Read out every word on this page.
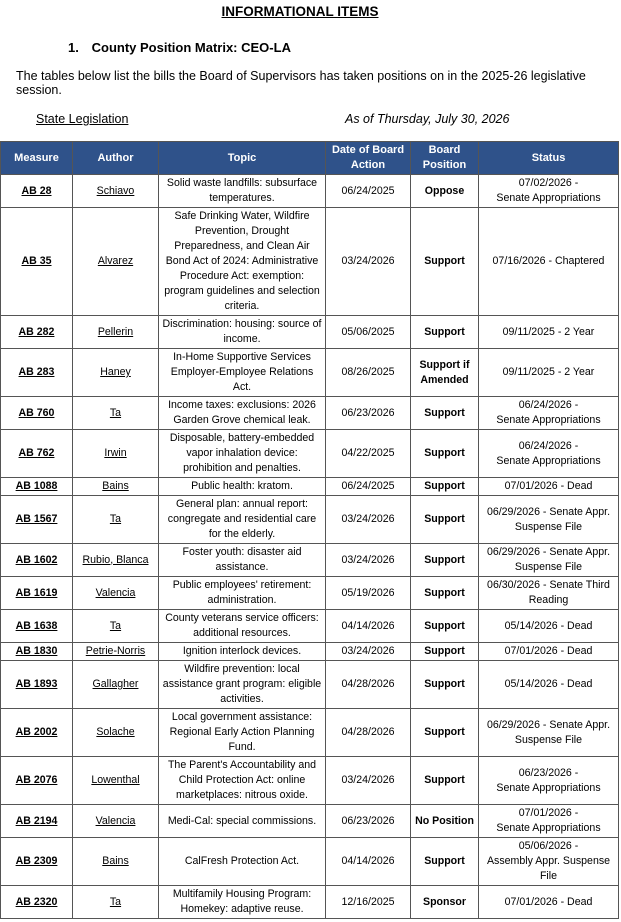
INFORMATIONAL ITEMS
1. County Position Matrix: CEO-LA
The tables below list the bills the Board of Supervisors has taken positions on in the 2025-26 legislative session.
State Legislation	As of Thursday, July 30, 2026
Measure	Author	Topic	Date of Board Action	Board Position	Status
AB 28	Schiavo	Solid waste landfills: subsurface temperatures.	06/24/2025	Oppose	07/02/2026 -
Senate Appropriations
AB 35	Alvarez	Safe Drinking Water, Wildfire Prevention, Drought Preparedness, and Clean Air Bond Act of 2024: Administrative Procedure Act: exemption: program guidelines and selection criteria.	03/24/2026	Support	07/16/2026 - Chaptered
AB 282	Pellerin	Discrimination: housing: source of income.	05/06/2025	Support	09/11/2025 - 2 Year
AB 283	Haney	In-Home Supportive Services Employer-Employee Relations Act.	08/26/2025	Support if Amended	09/11/2025 - 2 Year
AB 760	Ta	Income taxes: exclusions: 2026 Garden Grove chemical leak.	06/23/2026	Support	06/24/2026 -
Senate Appropriations
AB 762	Irwin	Disposable, battery-embedded vapor inhalation device: prohibition and penalties.	04/22/2025	Support	06/24/2026 -
Senate Appropriations
AB 1088	Bains	Public health: kratom.	06/24/2025	Support	07/01/2026 - Dead
AB 1567	Ta	General plan: annual report: congregate and residential care for the elderly.	03/24/2026	Support	06/29/2026 - Senate Appr.
Suspense File
AB 1602	Rubio, Blanca	Foster youth: disaster aid assistance.	03/24/2026	Support	06/29/2026 - Senate Appr.
Suspense File
AB 1619	Valencia	Public employees' retirement: administration.	05/19/2026	Support	06/30/2026 - Senate Third Reading
AB 1638	Ta	County veterans service officers: additional resources.	04/14/2026	Support	05/14/2026 - Dead
AB 1830	Petrie-Norris	Ignition interlock devices.	03/24/2026	Support	07/01/2026 - Dead
AB 1893	Gallagher	Wildfire prevention: local assistance grant program: eligible activities.	04/28/2026	Support	05/14/2026 - Dead
AB 2002	Solache	Local government assistance: Regional Early Action Planning Fund.	04/28/2026	Support	06/29/2026 - Senate Appr.
Suspense File
AB 2076	Lowenthal	The Parent's Accountability and Child Protection Act: online marketplaces: nitrous oxide.	03/24/2026	Support	06/23/2026 -
Senate Appropriations
AB 2194	Valencia	Medi-Cal: special commissions.	06/23/2026	No Position	07/01/2026 -
Senate Appropriations
AB 2309	Bains	CalFresh Protection Act.	04/14/2026	Support	05/06/2026 -
Assembly Appr. Suspense File
AB 2320	Ta	Multifamily Housing Program: Homekey: adaptive reuse.	12/16/2025	Sponsor	07/01/2026 - Dead
